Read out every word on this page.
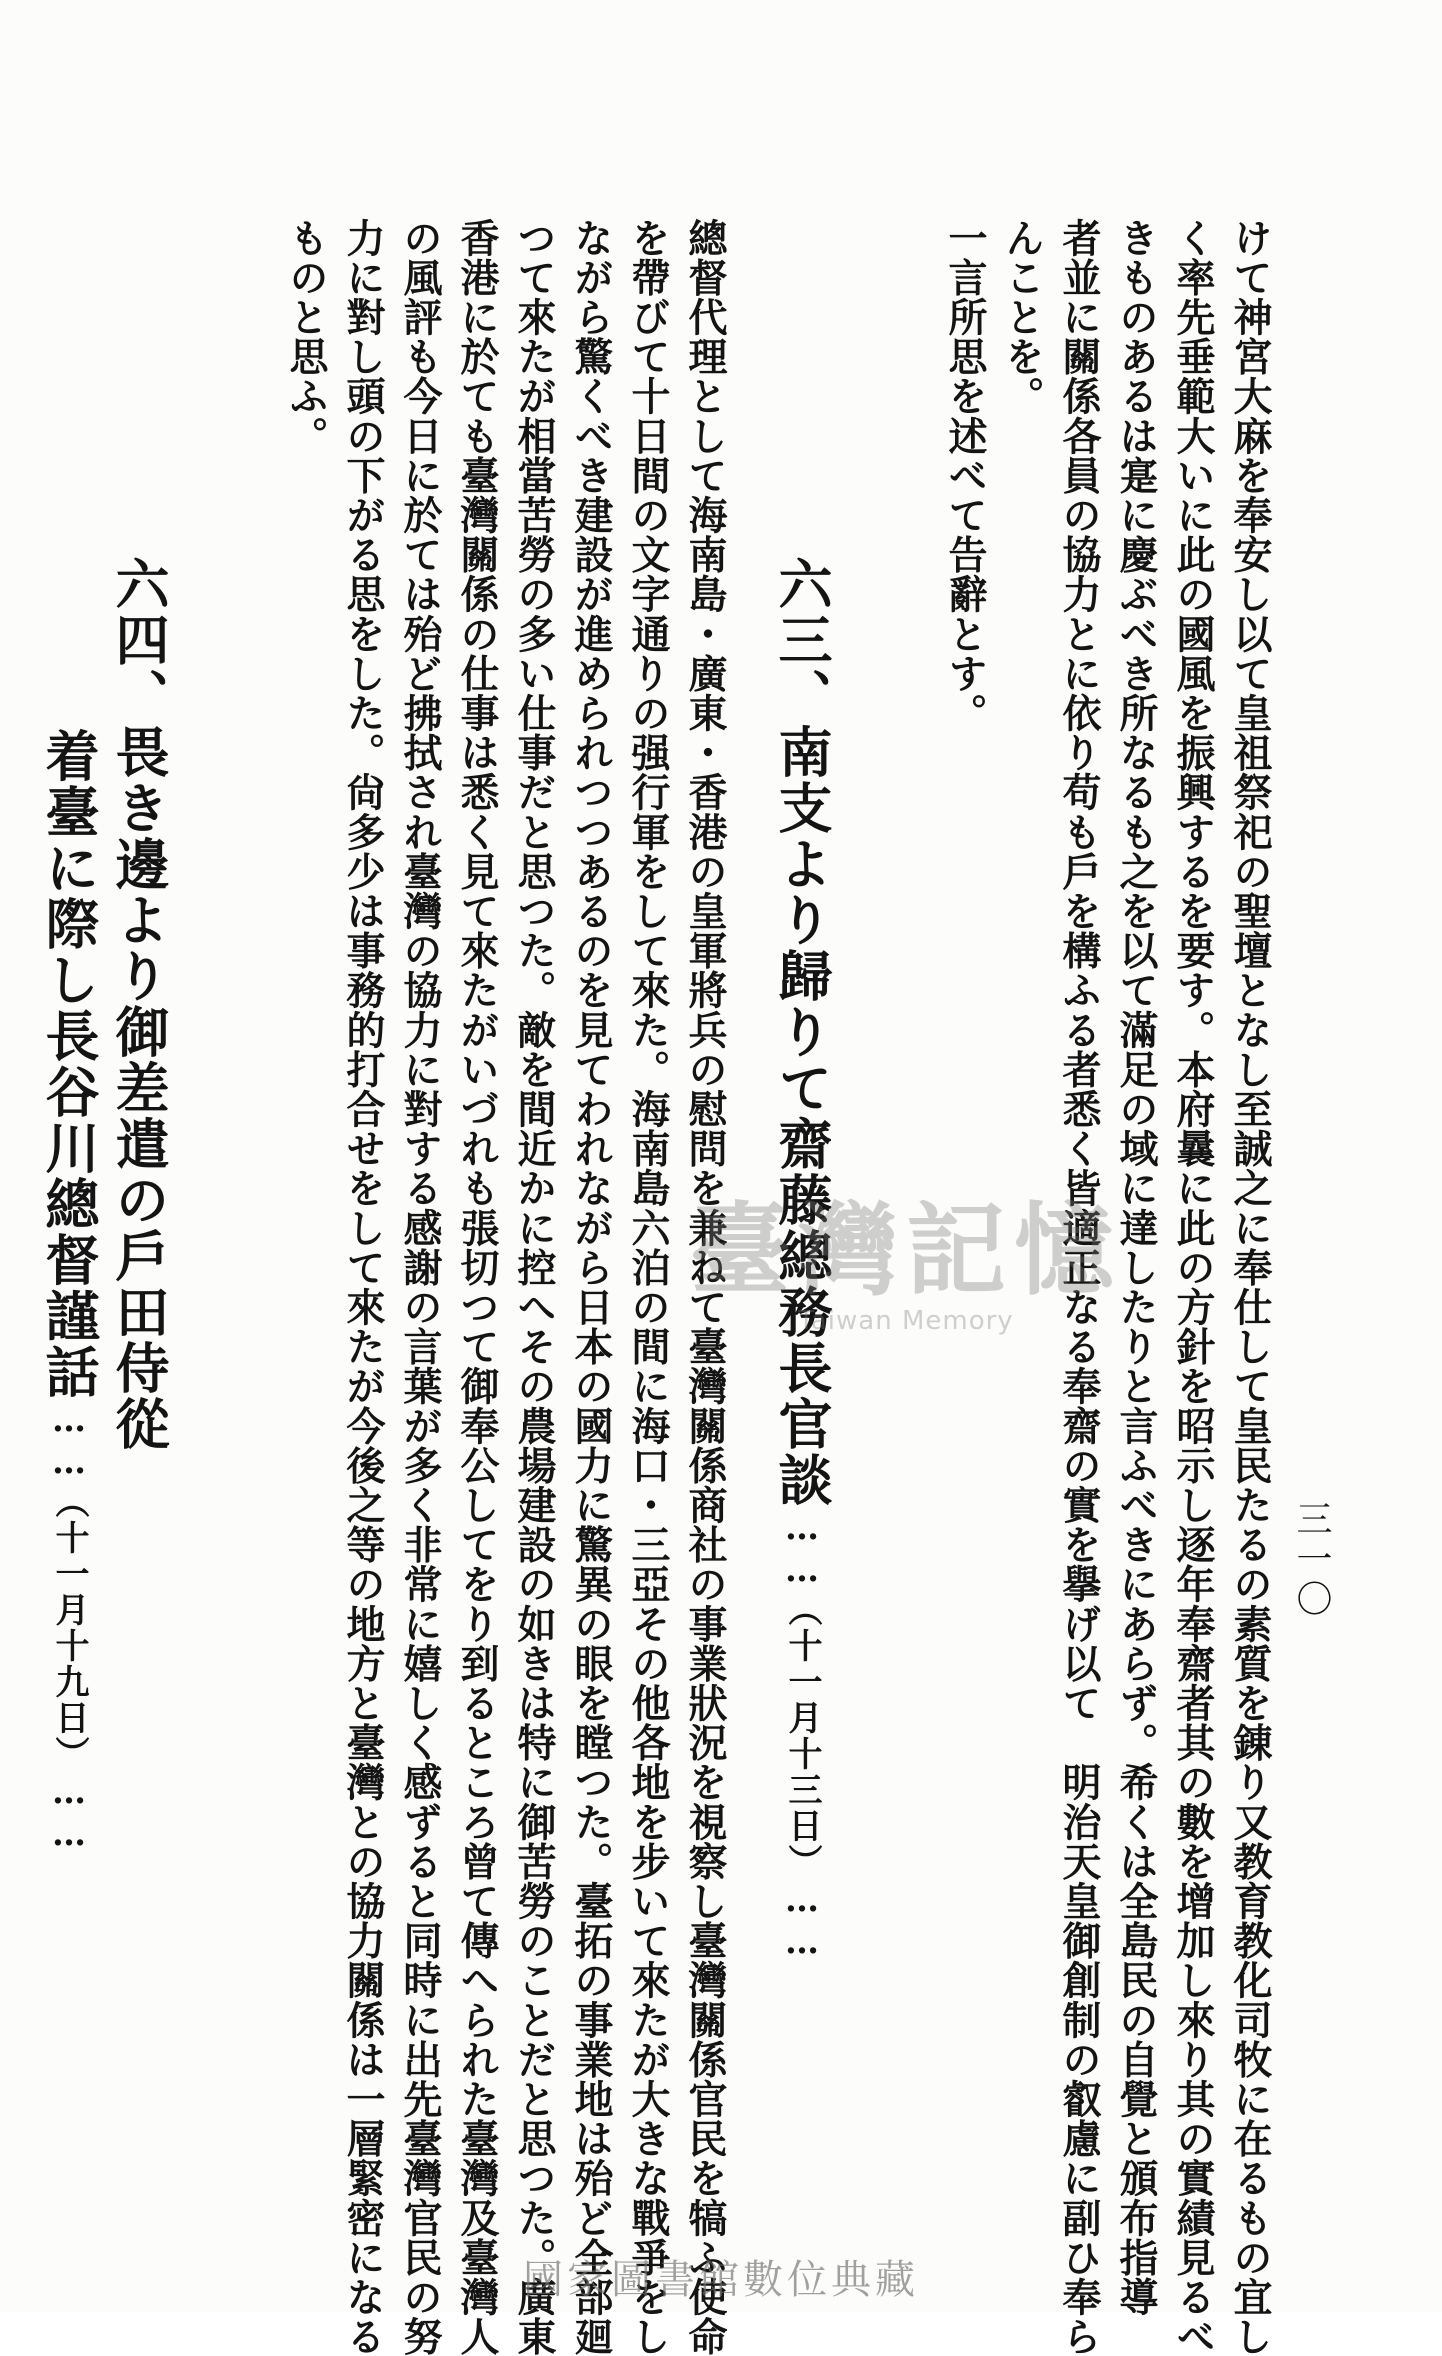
三一〇
けて神宮大麻を奉安し以て皇祖祭祀の聖壇となし至誠之に奉仕して皇民たるの素質を錬り又教育教化司牧に在るもの宜し
く率先垂範大いに此の國風を振興するを要す。本府曩に此の方針を昭示し逐年奉齋者其の數を增加し來り其の實績見るべ
きものあるは寔に慶ぶべき所なるも之を以て滿足の域に達したりと言ふべきにあらず。希くは全島民の自覺と頒布指導
者並に關係各員の協力とに依り苟も戶を構ふる者悉く皆適正なる奉齋の實を擧げ以て　明治天皇御創制の叡慮に副ひ奉ら
んことを。
一言所思を述べて告辭とす。
六三、南支より歸りて齋藤總務長官談……（十一月十三日）……
總督代理として海南島・廣東・香港の皇軍將兵の慰問を兼ねて臺灣關係商社の事業狀況を視察し臺灣關係官民を犒ふ使命
を帶びて十日間の文字通りの强行軍をして來た。海南島六泊の間に海口・三亞その他各地を步いて來たが大きな戰爭をし
ながら驚くべき建設が進められつつあるのを見てわれながら日本の國力に驚異の眼を瞠つた。臺拓の事業地は殆ど全部廻
つて來たが相當苦勞の多い仕事だと思つた。敵を間近かに控へその農場建設の如きは特に御苦勞のことだと思つた。廣東
香港に於ても臺灣關係の仕事は悉く見て來たがいづれも張切つて御奉公してをり到るところ曾て傳へられた臺灣及臺灣人
の風評も今日に於ては殆ど拂拭され臺灣の協力に對する感謝の言葉が多く非常に嬉しく感ずると同時に出先臺灣官民の努
力に對し頭の下がる思をした。尙多少は事務的打合せをして來たが今後之等の地方と臺灣との協力關係は一層緊密になる
ものと思ふ。
六四、畏き邊より御差遣の戶田侍從
着臺に際し長谷川總督謹話……（十一月十九日）……
臺灣記憶
Taiwan Memory
國家圖書館數位典藏
